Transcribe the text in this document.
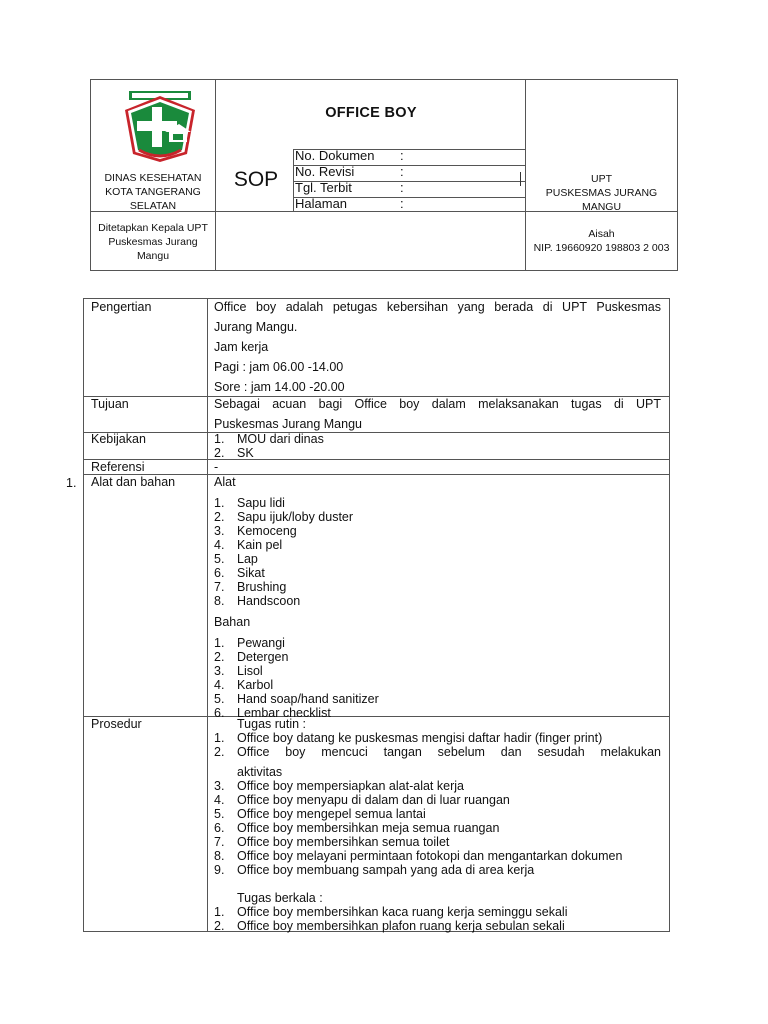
DINAS KESEHATAN
KOTA TANGERANG
SELATAN
OFFICE BOY
SOP
No. Dokumen :
No. Revisi	:
Tgl. Terbit	:
Halaman	:
UPT
PUSKESMAS JURANG
MANGU
Ditetapkan Kepala UPT
Puskesmas Jurang
Mangu
Aisah
NIP. 19660920 198803 2 003
Pengertian	Office boy adalah petugas kebersihan yang berada di UPT Puskesmas
Jurang Mangu.
Jam kerja
Pagi : jam 06.00 -14.00
Sore : jam 14.00 -20.00
Tujuan	Sebagai acuan bagi Office boy dalam melaksanakan tugas di UPT
Puskesmas Jurang Mangu
Kebijakan	1. MOU dari dinas
2. SK
Referensi	-
Alat dan bahan	Alat
1. Sapu lidi
2. Sapu ijuk/loby duster
3. Kemoceng
4. Kain pel
5. Lap
6. Sikat
7. Brushing
8. Handscoon
Bahan
1. Pewangi
2. Detergen
3. Lisol
4. Karbol
5. Hand soap/hand sanitizer
6. Lembar checklist
Prosedur	Tugas rutin :
1. Office boy datang ke puskesmas mengisi daftar hadir (finger print)
2. Office boy mencuci tangan sebelum dan sesudah melakukan
aktivitas
3. Office boy mempersiapkan alat-alat kerja
4. Office boy menyapu di dalam dan di luar ruangan
5. Office boy mengepel semua lantai
6. Office boy membersihkan meja semua ruangan
7. Office boy membersihkan semua toilet
8. Office boy melayani permintaan fotokopi dan mengantarkan dokumen
9. Office boy membuang sampah yang ada di area kerja
Tugas berkala :
1. Office boy membersihkan kaca ruang kerja seminggu sekali
2. Office boy membersihkan plafon ruang kerja sebulan sekali
1.
